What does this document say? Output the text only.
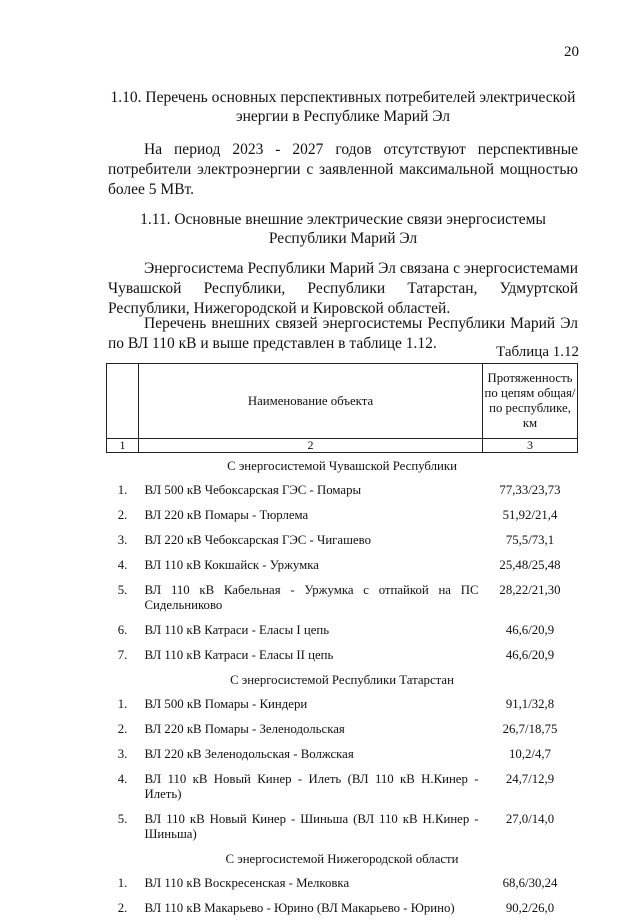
20
1.10. Перечень основных перспективных потребителей электрической энергии в Республике Марий Эл
На период 2023 - 2027 годов отсутствуют перспективные потребители электроэнергии с заявленной максимальной мощностью более 5 МВт.
1.11. Основные внешние электрические связи энергосистемы Республики Марий Эл
Энергосистема Республики Марий Эл связана с энергосистемами Чувашской Республики, Республики Татарстан, Удмуртской Республики, Нижегородской и Кировской областей.
Перечень внешних связей энергосистемы Республики Марий Эл по ВЛ 110 кВ и выше представлен в таблице 1.12.	Таблица 1.12
	Наименование объекта	Протяженность по цепям общая/ по республике, км
1	2	3
С энергосистемой Чувашской Республики		
1.	ВЛ 500 кВ Чебоксарская ГЭС - Помары	77,33/23,73
2.	ВЛ 220 кВ Помары - Тюрлема	51,92/21,4
3.	ВЛ 220 кВ Чебоксарская ГЭС - Чигашево	75,5/73,1
4.	ВЛ 110 кВ Кокшайск - Уржумка	25,48/25,48
5.	ВЛ 110 кВ Кабельная - Уржумка с отпайкой на ПС Сидельниково	28,22/21,30
6.	ВЛ 110 кВ Катраси - Еласы I цепь	46,6/20,9
7.	ВЛ 110 кВ Катраси - Еласы II цепь	46,6/20,9
С энергосистемой Республики Татарстан		
1.	ВЛ 500 кВ Помары - Киндери	91,1/32,8
2.	ВЛ 220 кВ Помары - Зеленодольская	26,7/18,75
3.	ВЛ 220 кВ Зеленодольская - Волжская	10,2/4,7
4.	ВЛ 110 кВ Новый Кинер - Илеть (ВЛ 110 кВ Н.Кинер - Илеть)	24,7/12,9
5.	ВЛ 110 кВ Новый Кинер - Шиньша (ВЛ 110 кВ Н.Кинер - Шиньша)	27,0/14,0
С энергосистемой Нижегородской области		
1.	ВЛ 110 кВ Воскресенская - Мелковка	68,6/30,24
2.	ВЛ 110 кВ Макарьево - Юрино (ВЛ Макарьево - Юрино)	90,2/26,0
